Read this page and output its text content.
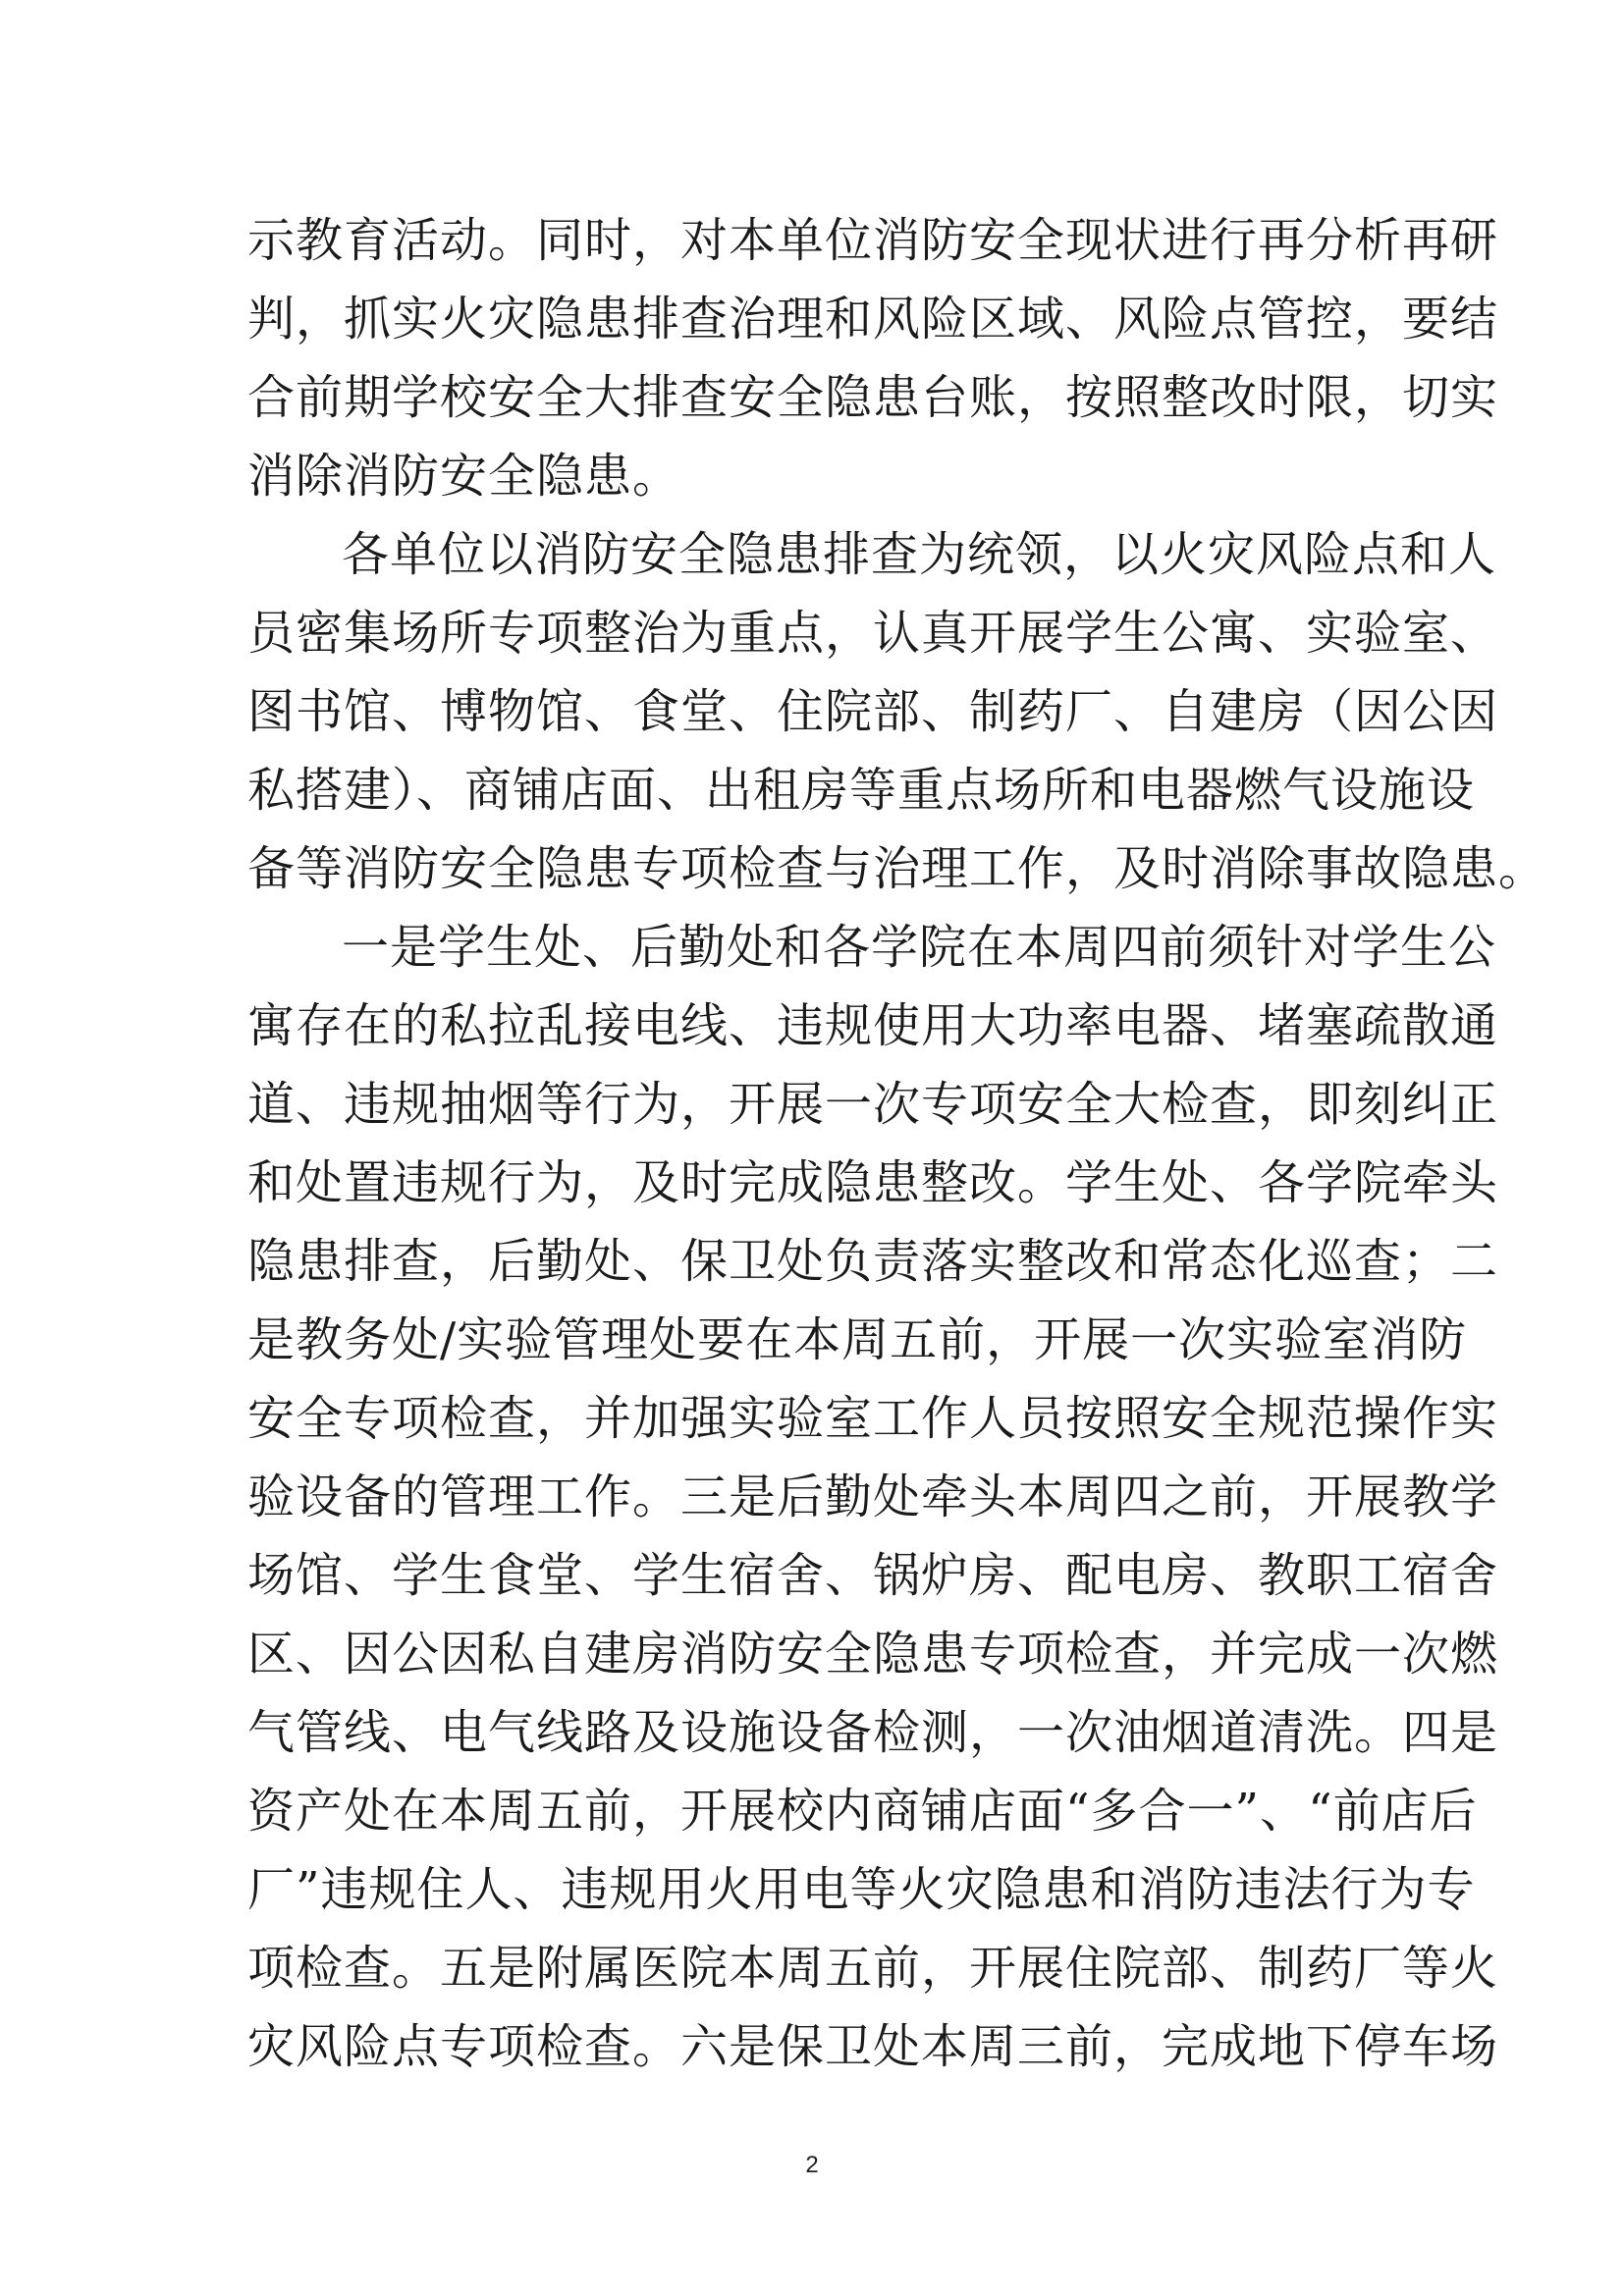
示教育活动。同时，对本单位消防安全现状进行再分析再研
判，抓实火灾隐患排查治理和风险区域、风险点管控，要结
合前期学校安全大排查安全隐患台账，按照整改时限，切实
消除消防安全隐患。
各单位以消防安全隐患排查为统领，以火灾风险点和人
员密集场所专项整治为重点，认真开展学生公寓、实验室、
图书馆、博物馆、食堂、住院部、制药厂、自建房（因公因
私搭建）、商铺店面、出租房等重点场所和电器燃气设施设
备等消防安全隐患专项检查与治理工作，及时消除事故隐患。
一是学生处、后勤处和各学院在本周四前须针对学生公
寓存在的私拉乱接电线、违规使用大功率电器、堵塞疏散通
道、违规抽烟等行为，开展一次专项安全大检查，即刻纠正
和处置违规行为，及时完成隐患整改。学生处、各学院牵头
隐患排查，后勤处、保卫处负责落实整改和常态化巡查；二
是教务处/实验管理处要在本周五前，开展一次实验室消防
安全专项检查，并加强实验室工作人员按照安全规范操作实
验设备的管理工作。三是后勤处牵头本周四之前，开展教学
场馆、学生食堂、学生宿舍、锅炉房、配电房、教职工宿舍
区、因公因私自建房消防安全隐患专项检查，并完成一次燃
气管线、电气线路及设施设备检测，一次油烟道清洗。四是
资产处在本周五前，开展校内商铺店面“多合一”、“前店后
厂”违规住人、违规用火用电等火灾隐患和消防违法行为专
项检查。五是附属医院本周五前，开展住院部、制药厂等火
灾风险点专项检查。六是保卫处本周三前，完成地下停车场
2
